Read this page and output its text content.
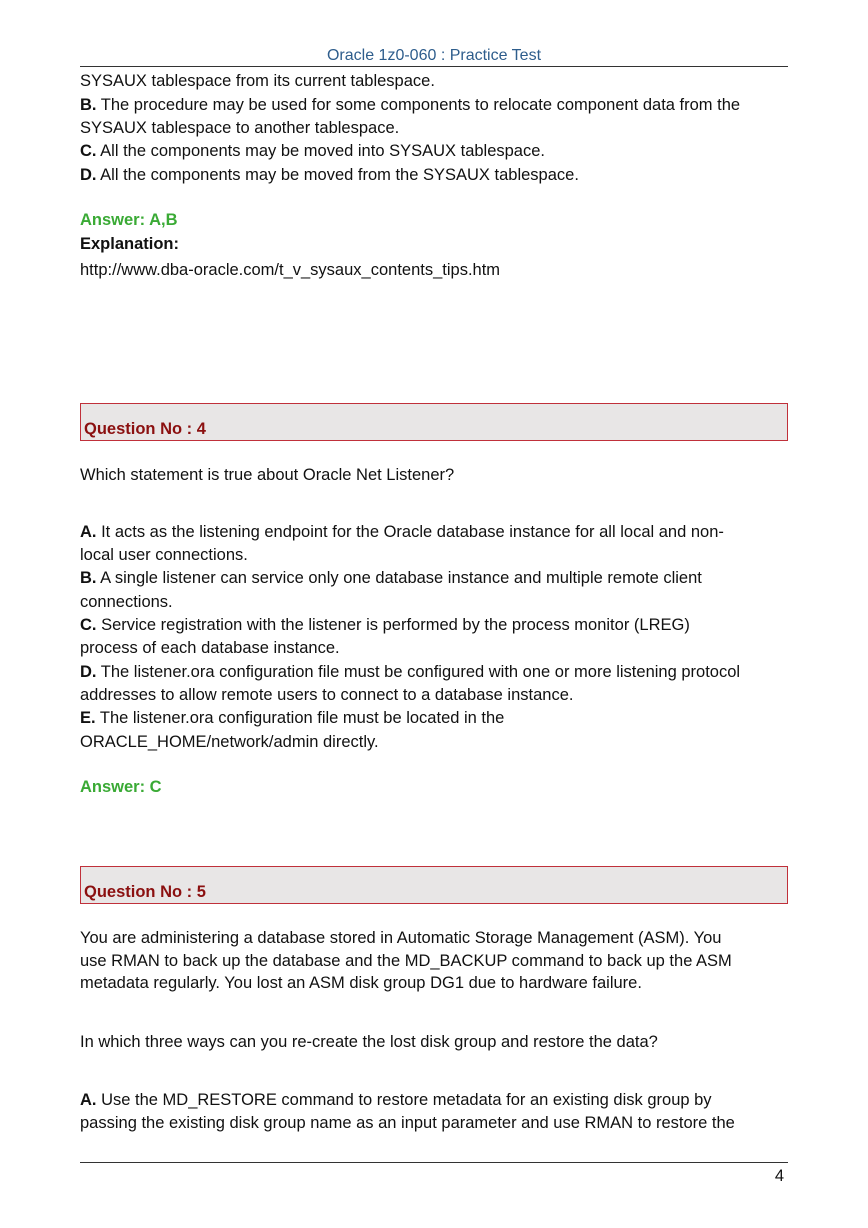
Oracle 1z0-060 : Practice Test
SYSAUX tablespace from its current tablespace.
B. The procedure may be used for some components to relocate component data from the
SYSAUX tablespace to another tablespace.
C. All the components may be moved into SYSAUX tablespace.
D. All the components may be moved from the SYSAUX tablespace.
Answer: A,B
Explanation:
http://www.dba-oracle.com/t_v_sysaux_contents_tips.htm
Question No : 4
Which statement is true about Oracle Net Listener?
A. It acts as the listening endpoint for the Oracle database instance for all local and non-
local user connections.
B. A single listener can service only one database instance and multiple remote client
connections.
C. Service registration with the listener is performed by the process monitor (LREG)
process of each database instance.
D. The listener.ora configuration file must be configured with one or more listening protocol
addresses to allow remote users to connect to a database instance.
E. The listener.ora configuration file must be located in the
ORACLE_HOME/network/admin directly.
Answer: C
Question No : 5
You are administering a database stored in Automatic Storage Management (ASM). You
use RMAN to back up the database and the MD_BACKUP command to back up the ASM
metadata regularly. You lost an ASM disk group DG1 due to hardware failure.
In which three ways can you re-create the lost disk group and restore the data?
A. Use the MD_RESTORE command to restore metadata for an existing disk group by
passing the existing disk group name as an input parameter and use RMAN to restore the
4
